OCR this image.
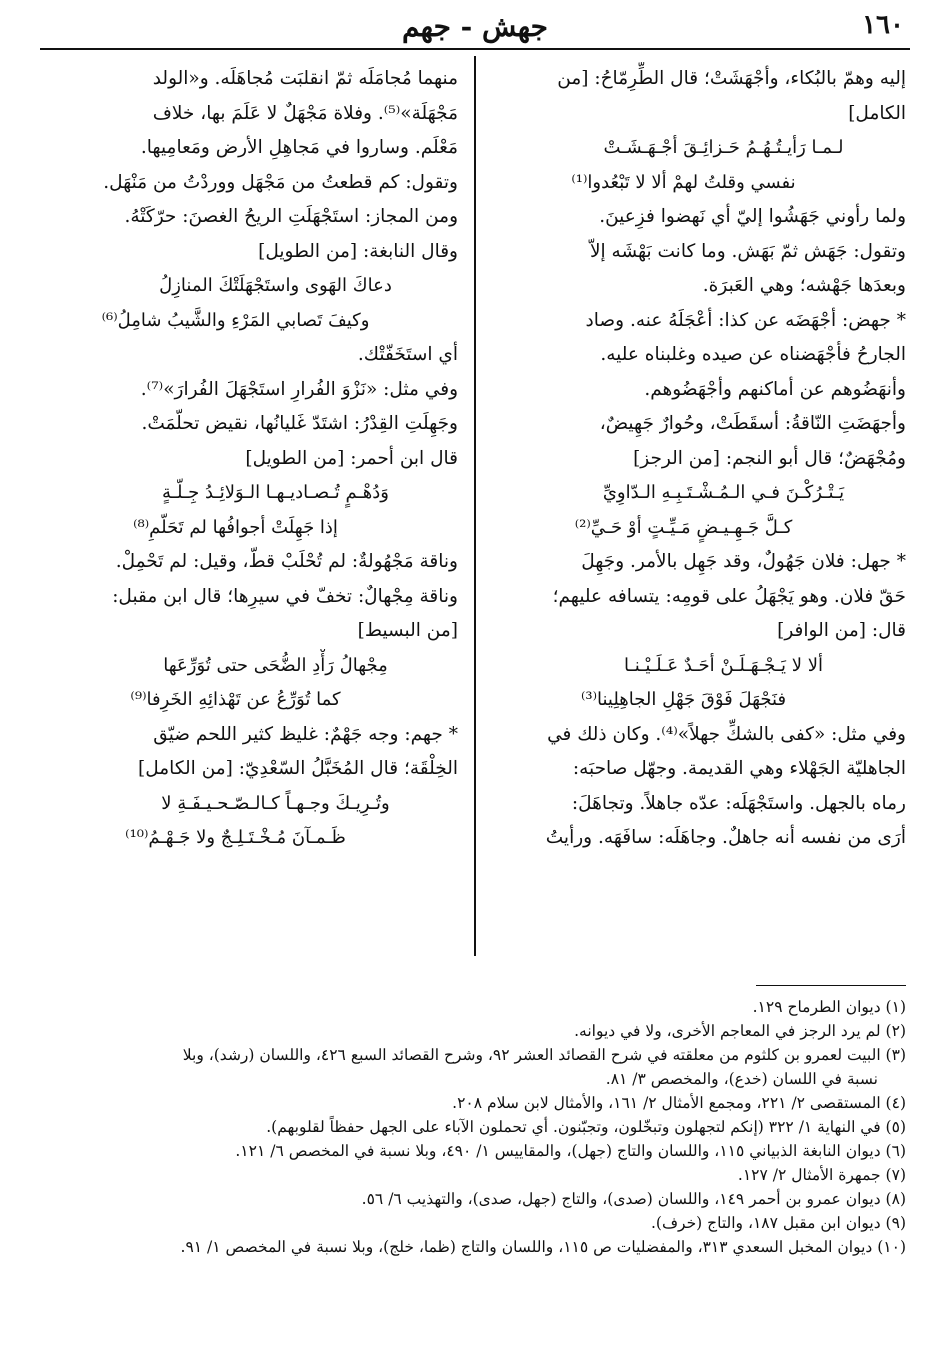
١٦٠
جهش - جهم
إليه وهمّ بالبُكاء، وأجْهَشَتْ؛ قال الطِّرِمّاحُ: [من
الكامل]
لـمـا رَأيـتُـهُـمُ حَـزائِـقَ أجْـهَـشَـتْ
نفسي وقلتُ لهمْ ألا لا تَبْعُدوا⁽¹⁾
ولما رأوني جَهَشُوا إليّ أي نَهضوا فزِعينَ.
وتقول: جَهَش ثمّ بَهَش. وما كانت بَهْشَه إلاّ
وبعدَها جَهْشه؛ وهي العَبرَة.
* جهض: أجْهَضَه عن كذا: أعْجَلَهُ عنه. وصاد
الجارحُ فأجْهَضناه عن صيده وغلبناه عليه.
وأنهَضُوهم عن أماكنهم وأجْهَضُوهم.
وأجهَضَتِ النّاقةُ: أسقَطَتْ، وحُوارٌ جَهِيضٌ،
ومُجْهَضٌ؛ قال أبو النجم: [من الرجز]
يَـتْـرُكْـنَ فـي الـمُـشْـتَـبِـهِ الـدّاوِيِّ
كـلَّ جَـهِـيـضٍ مَـيِّـتٍ أوْ حَـيِّ⁽²⁾
* جهل: فلان جَهُولٌ، وقد جَهِل بالأمر. وجَهِلَ
حَقّ فلان. وهو يَجْهَلُ على قومِه: يتسافه عليهم؛
قال: [من الوافر]
ألا لا يَـجْـهَـلَـنْ أحَـدٌ عَـلَـيْـنـا
فنَجْهَلَ فَوْقَ جَهْلِ الجاهِلِينا⁽³⁾
وفي مثل: «كفى بالشكِّ جهلاً»⁽⁴⁾. وكان ذلك في
الجاهليّة الجَهْلاء وهي القديمة. وجهّل صاحبَه:
رماه بالجهل. واستَجْهَلَه: عدّه جاهلاً. وتجاهَلَ:
أرَى من نفسه أنه جاهلٌ. وجاهَلَه: سافَهَه. ورأيتُ
منهما مُجامَلَه ثمّ انقلبَت مُجاهَلَه. و«الولد
مَجْهَلَة»⁽⁵⁾. وفلاة مَجْهَلٌ لا عَلَمَ بها، خلاف
مَعْلَم. وساروا في مَجاهِلِ الأرض ومَعامِيها.
وتقول: كم قطعتُ من مَجْهَل ووردْتُ من مَنْهَل.
ومن المجاز: استَجْهَلَتِ الريحُ الغصنَ: حرّكَتْهُ.
وقال النابغة: [من الطويل]
دعاكَ الهَوى واستَجْهَلَتْكَ المنازِلُ
وكيفَ تَصابي المَرْءِ والشَّيبُ شامِلُ⁽⁶⁾
أي استَخَفّتْك.
وفي مثل: «نَزْوَ الفُرارِ استَجْهَلَ الفُرارَ»⁽⁷⁾.
وجَهِلَتِ القِدْرُ: اشتَدّ غَليانُها، نقيض تحلّمَتْ.
قال ابن أحمر: [من الطويل]
وَدُهْـمٍ تُـصـاديـهـا الـوَلائِـدُ جِـلّـةٍ
إذا جَهِلَتْ أجوافُها لم تَحَلّمِ⁽⁸⁾
وناقة مَجْهُولةٌ: لم تُحْلَبْ قطّ، وقيل: لم تَحْمِلْ.
وناقة مِجْهالٌ: تخفّ في سيرِها؛ قال ابن مقبل:
[من البسيط]
مِجْهالُ رَأْدِ الضُّحَى حتى تُوَرِّعَها
كما تُوَرِّعُ عن تَهْذائِهِ الخَرِفا⁽⁹⁾
* جهم: وجه جَهْمٌ: غليظ كثير اللحم ضيّق
الخِلْقَة؛ قال المُخَبَّلُ السّعْدِيّ: [من الكامل]
وتُـرِيـكَ وجـهـاً كـالـصّـحـيـفَـةِ لا
ظَـمـآنَ مُـخْـتَـلِـجٌ ولا جَـهْـمُ⁽¹⁰⁾
(١) ديوان الطرماح ١٢٩.
(٢) لم يرد الرجز في المعاجم الأخرى، ولا في ديوانه.
(٣) البيت لعمرو بن كلثوم من معلقته في شرح القصائد العشر ٩٢، وشرح القصائد السبع ٤٢٦، واللسان (رشد)، وبلا
نسبة في اللسان (خدع)، والمخصص ٣/ ٨١.
(٤) المستقصى ٢/ ٢٢١، ومجمع الأمثال ٢/ ١٦١، والأمثال لابن سلام ٢٠٨.
(٥) في النهاية ١/ ٣٢٢ (إنكم لتجهلون وتبخّلون، وتجبّنون. أي تحملون الآباء على الجهل حفظاً لقلوبهم).
(٦) ديوان النابغة الذبياني ١١٥، واللسان والتاج (جهل)، والمقاييس ١/ ٤٩٠، وبلا نسبة في المخصص ٦/ ١٢١.
(٧) جمهرة الأمثال ٢/ ١٢٧.
(٨) ديوان عمرو بن أحمر ١٤٩، واللسان (صدى)، والتاج (جهل، صدى)، والتهذيب ٦/ ٥٦.
(٩) ديوان ابن مقبل ١٨٧، والتاج (خرف).
(١٠) ديوان المخبل السعدي ٣١٣، والمفضليات ص ١١٥، واللسان والتاج (ظما، خلج)، وبلا نسبة في المخصص ١/ ٩١.
